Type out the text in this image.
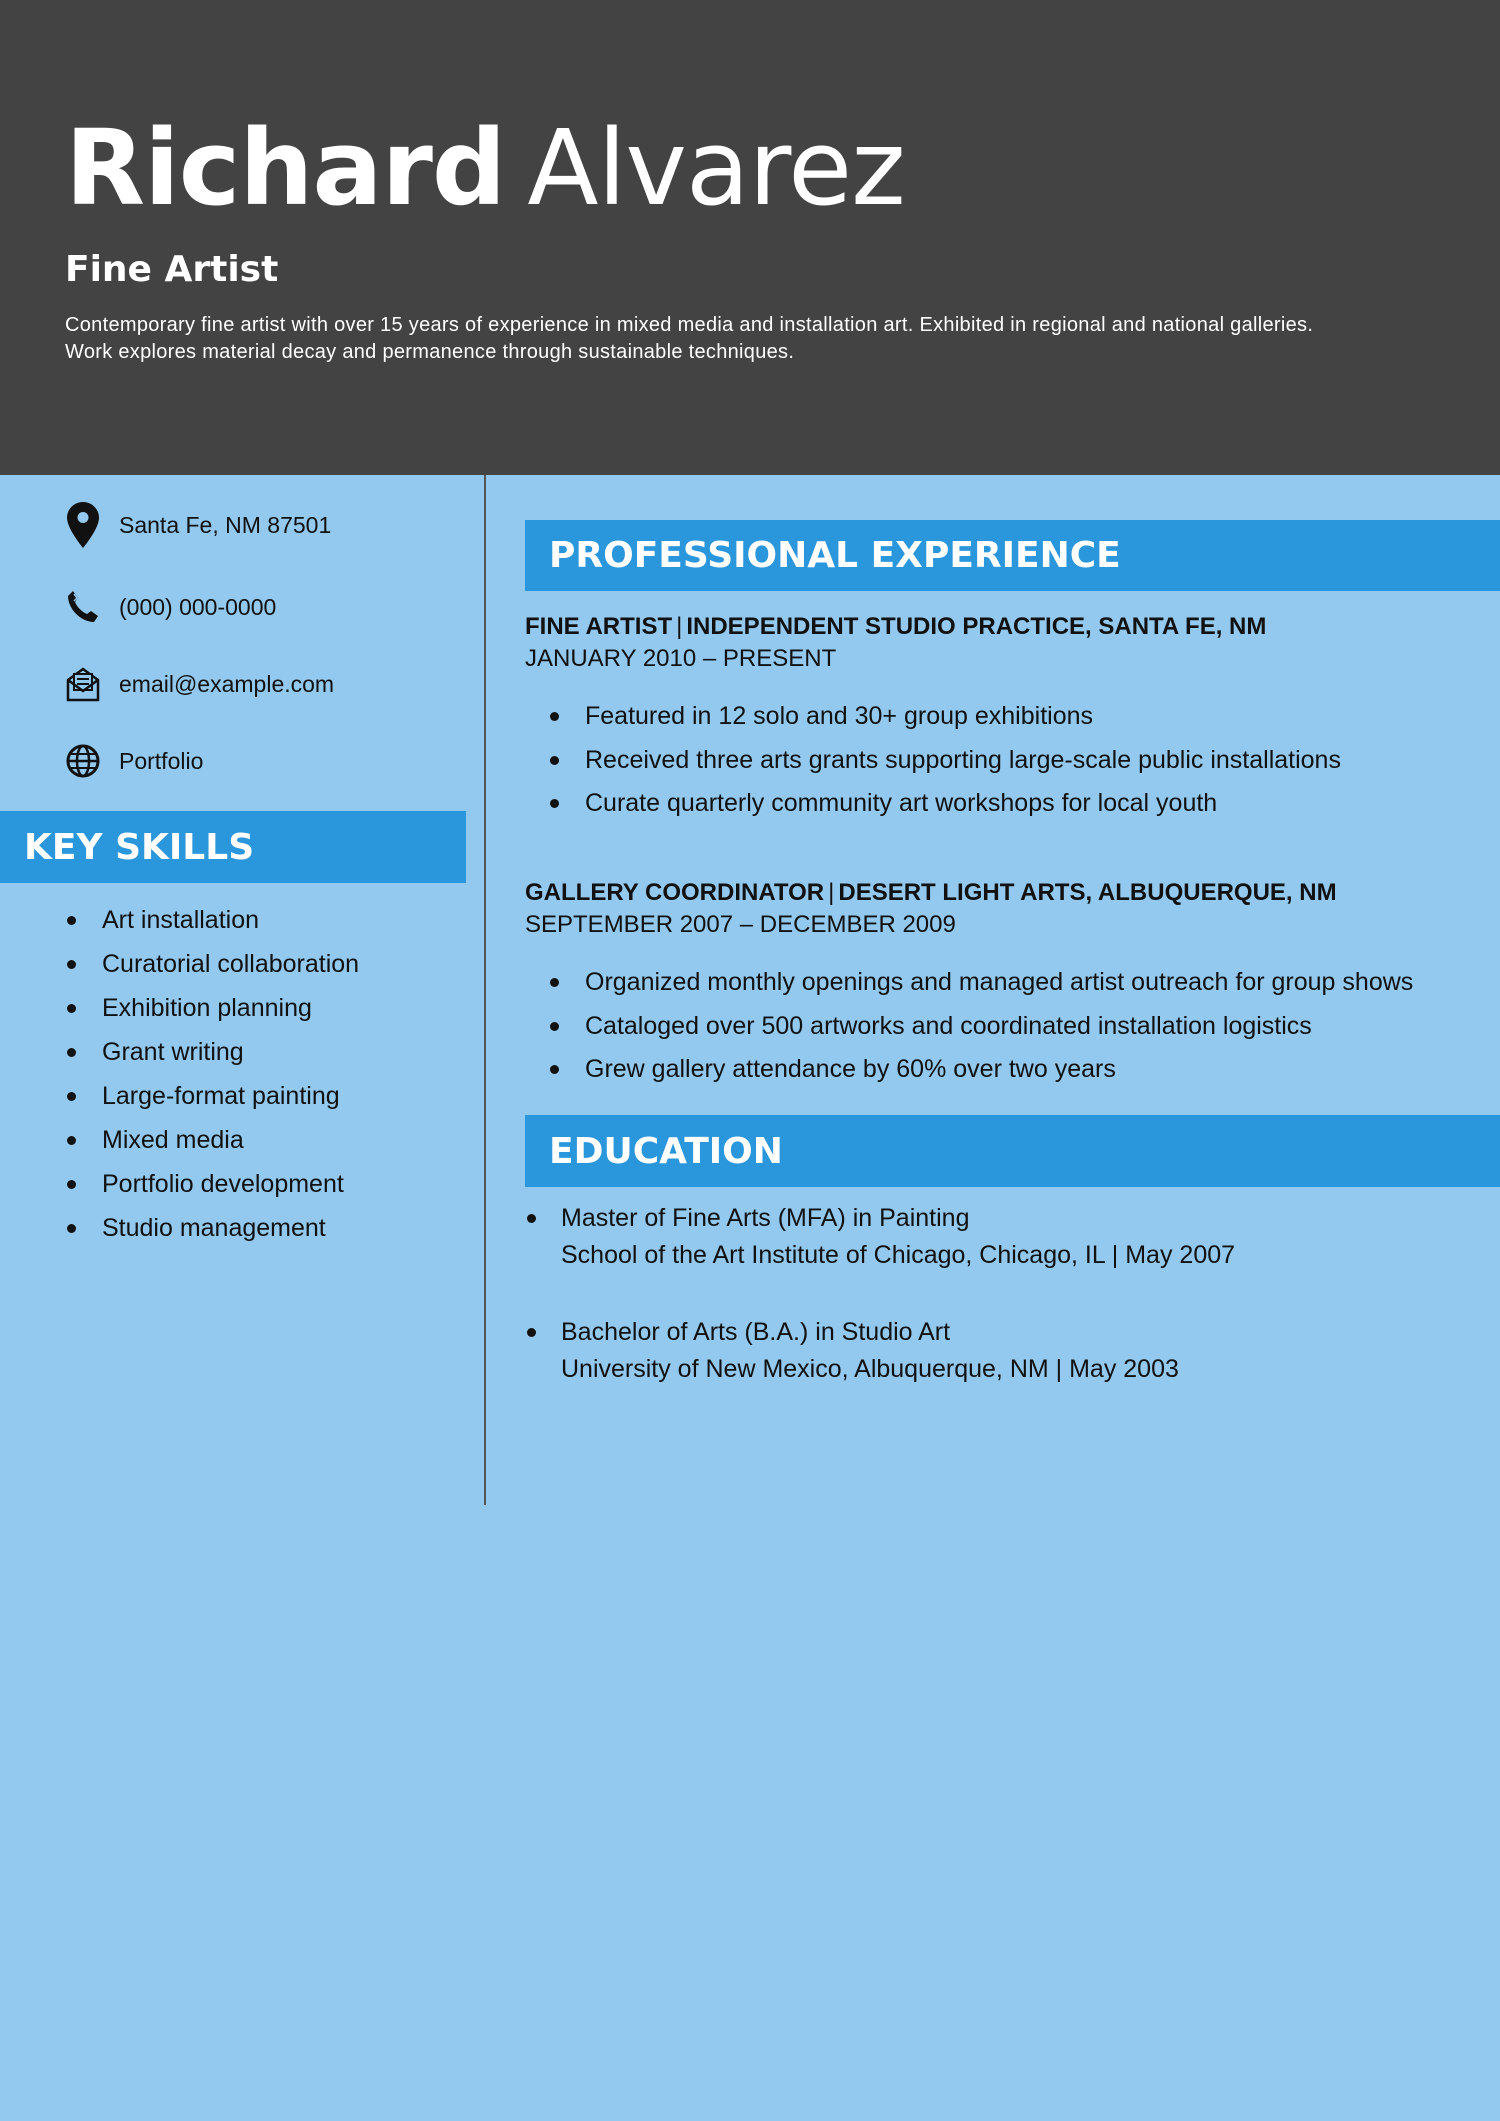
Richard Alvarez
Fine Artist
Contemporary fine artist with over 15 years of experience in mixed media and installation art. Exhibited in regional and national galleries.
Work explores material decay and permanence through sustainable techniques.
Santa Fe, NM 87501
(000) 000-0000
email@example.com
Portfolio
KEY SKILLS
Art installation
Curatorial collaboration
Exhibition planning
Grant writing
Large-format painting
Mixed media
Portfolio development
Studio management
PROFESSIONAL EXPERIENCE
FINE ARTIST | INDEPENDENT STUDIO PRACTICE, SANTA FE, NM
JANUARY 2010 – PRESENT
Featured in 12 solo and 30+ group exhibitions
Received three arts grants supporting large-scale public installations
Curate quarterly community art workshops for local youth
GALLERY COORDINATOR | DESERT LIGHT ARTS, ALBUQUERQUE, NM
SEPTEMBER 2007 – DECEMBER 2009
Organized monthly openings and managed artist outreach for group shows
Cataloged over 500 artworks and coordinated installation logistics
Grew gallery attendance by 60% over two years
EDUCATION
Master of Fine Arts (MFA) in Painting
School of the Art Institute of Chicago, Chicago, IL | May 2007
Bachelor of Arts (B.A.) in Studio Art
University of New Mexico, Albuquerque, NM | May 2003
